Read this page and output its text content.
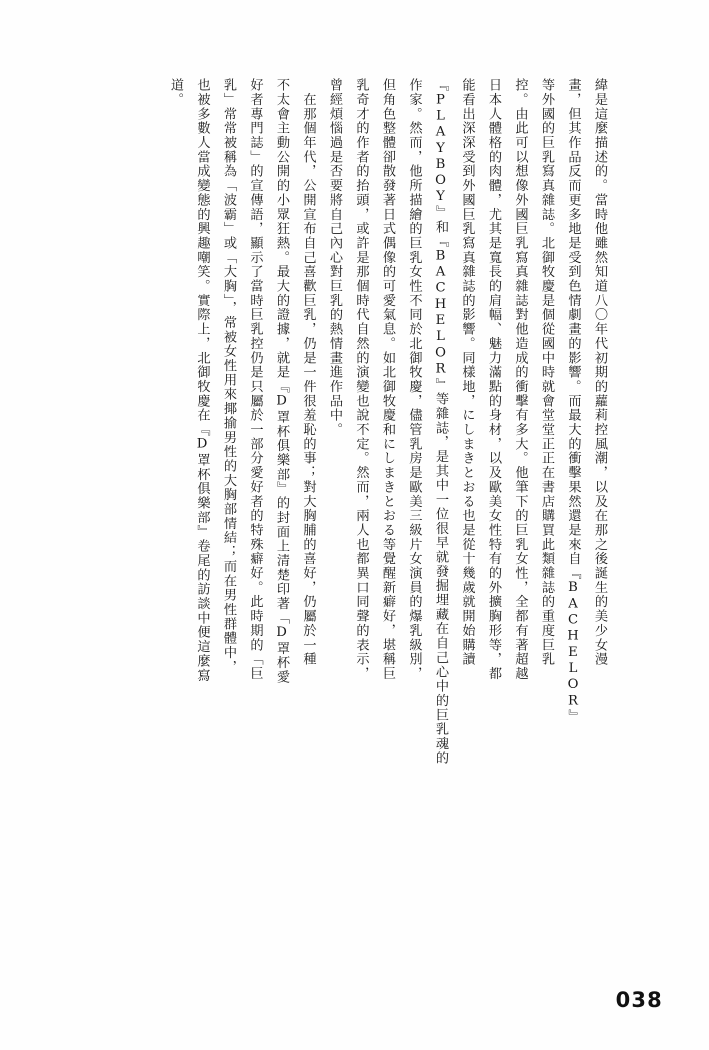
緯是這麼描述的。當時他雖然知道八〇年代初期的蘿莉控風潮，以及在那之後誕生的美少女漫
畫，但其作品反而更多地是受到色情劇畫的影響。而最大的衝擊果然還是來自『BACHELOR』
等外國的巨乳寫真雜誌。北御牧慶是個從國中時就會堂堂正正在書店購買此類雜誌的重度巨乳
控。由此可以想像外國巨乳寫真雜誌對他造成的衝擊有多大。他筆下的巨乳女性，全都有著超越
日本人體格的肉體，尤其是寬長的肩幅、魅力滿點的身材，以及歐美女性特有的外擴胸形等，都
能看出深深受到外國巨乳寫真雜誌的影響。同樣地，にしまきとおる也是從十幾歲就開始購讀
『PLAYBOY』和『BACHELOR』等雜誌，是其中一位很早就發掘埋藏在自己心中的巨乳魂的
作家。然而，他所描繪的巨乳女性不同於北御牧慶，儘管乳房是歐美三級片女演員的爆乳級別，
但角色整體卻散發著日式偶像的可愛氣息。如北御牧慶和にしまきとおる等覺醒新癖好，堪稱巨
乳奇才的作者的抬頭，或許是那個時代自然的演變也說不定。然而，兩人也都異口同聲的表示，
曾經煩惱過是否要將自己內心對巨乳的熱情畫進作品中。
　在那個年代，公開宣布自己喜歡巨乳，仍是一件很羞恥的事；對大胸脯的喜好，仍屬於一種
不太會主動公開的小眾狂熱。最大的證據，就是『D罩杯俱樂部』的封面上清楚印著「D罩杯愛
好者專門誌」的宣傳語，顯示了當時巨乳控仍是只屬於一部分愛好者的特殊癖好。此時期的「巨
乳」常常被稱為「波霸」或「大胸」，常被女性用來揶揄男性的大胸部情結；而在男性群體中，
也被多數人當成變態的興趣嘲笑。實際上，北御牧慶在『D罩杯俱樂部』卷尾的訪談中便這麼寫
道。
038
